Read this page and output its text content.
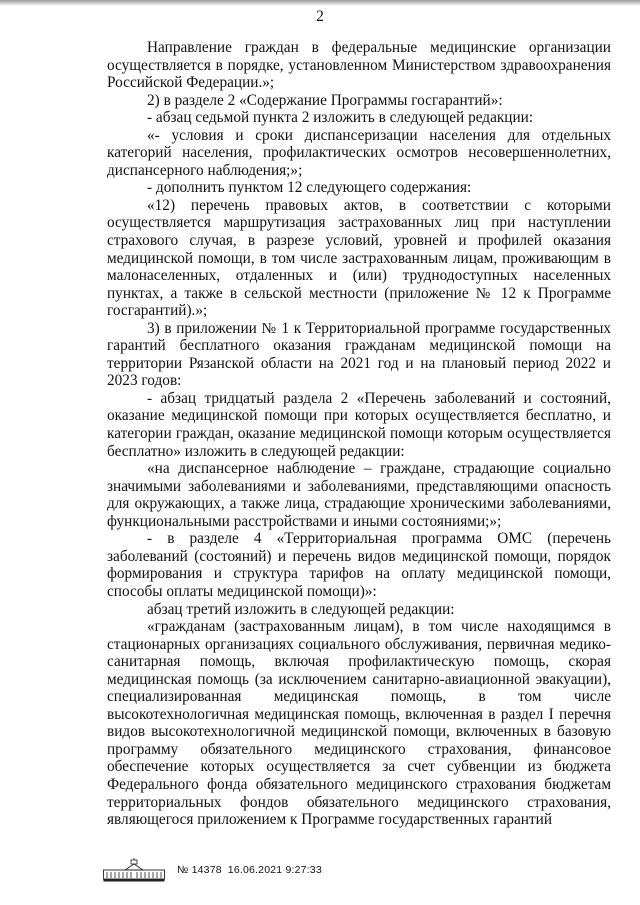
2

Направление граждан в федеральные медицинские организации осуществляется в порядке, установленном Министерством здравоохранения Российской Федерации.»;

2) в разделе 2 «Содержание Программы госгарантий»:

- абзац седьмой пункта 2 изложить в следующей редакции:

«- условия и сроки диспансеризации населения для отдельных категорий населения, профилактических осмотров несовершеннолетних, диспансерного наблюдения;»;

- дополнить пунктом 12 следующего содержания:

«12) перечень правовых актов, в соответствии с которыми осуществляется маршрутизация застрахованных лиц при наступлении страхового случая, в разрезе условий, уровней и профилей оказания медицинской помощи, в том числе застрахованным лицам, проживающим в малонаселенных, отдаленных и (или) труднодоступных населенных пунктах, а также в сельской местности (приложение № 12 к Программе госгарантий).»;

3) в приложении № 1 к Территориальной программе государственных гарантий бесплатного оказания гражданам медицинской помощи на территории Рязанской области на 2021 год и на плановый период 2022 и 2023 годов:

- абзац тридцатый раздела 2 «Перечень заболеваний и состояний, оказание медицинской помощи при которых осуществляется бесплатно, и категории граждан, оказание медицинской помощи которым осуществляется бесплатно» изложить в следующей редакции:

«на диспансерное наблюдение – граждане, страдающие социально значимыми заболеваниями и заболеваниями, представляющими опасность для окружающих, а также лица, страдающие хроническими заболеваниями, функциональными расстройствами и иными состояниями;»;

- в разделе 4 «Территориальная программа ОМС (перечень заболеваний (состояний) и перечень видов медицинской помощи, порядок формирования и структура тарифов на оплату медицинской помощи, способы оплаты медицинской помощи)»:

абзац третий изложить в следующей редакции:

«гражданам (застрахованным лицам), в том числе находящимся в стационарных организациях социального обслуживания, первичная медико-санитарная помощь, включая профилактическую помощь, скорая медицинская помощь (за исключением санитарно-авиационной эвакуации), специализированная медицинская помощь, в том числе высокотехнологичная медицинская помощь, включенная в раздел I перечня видов высокотехнологичной медицинской помощи, включенных в базовую программу обязательного медицинского страхования, финансовое обеспечение которых осуществляется за счет субвенции из бюджета Федерального фонда обязательного медицинского страхования бюджетам территориальных фондов обязательного медицинского страхования, являющегося приложением к Программе государственных гарантий

№ 14378 16.06.2021 9:27:33
